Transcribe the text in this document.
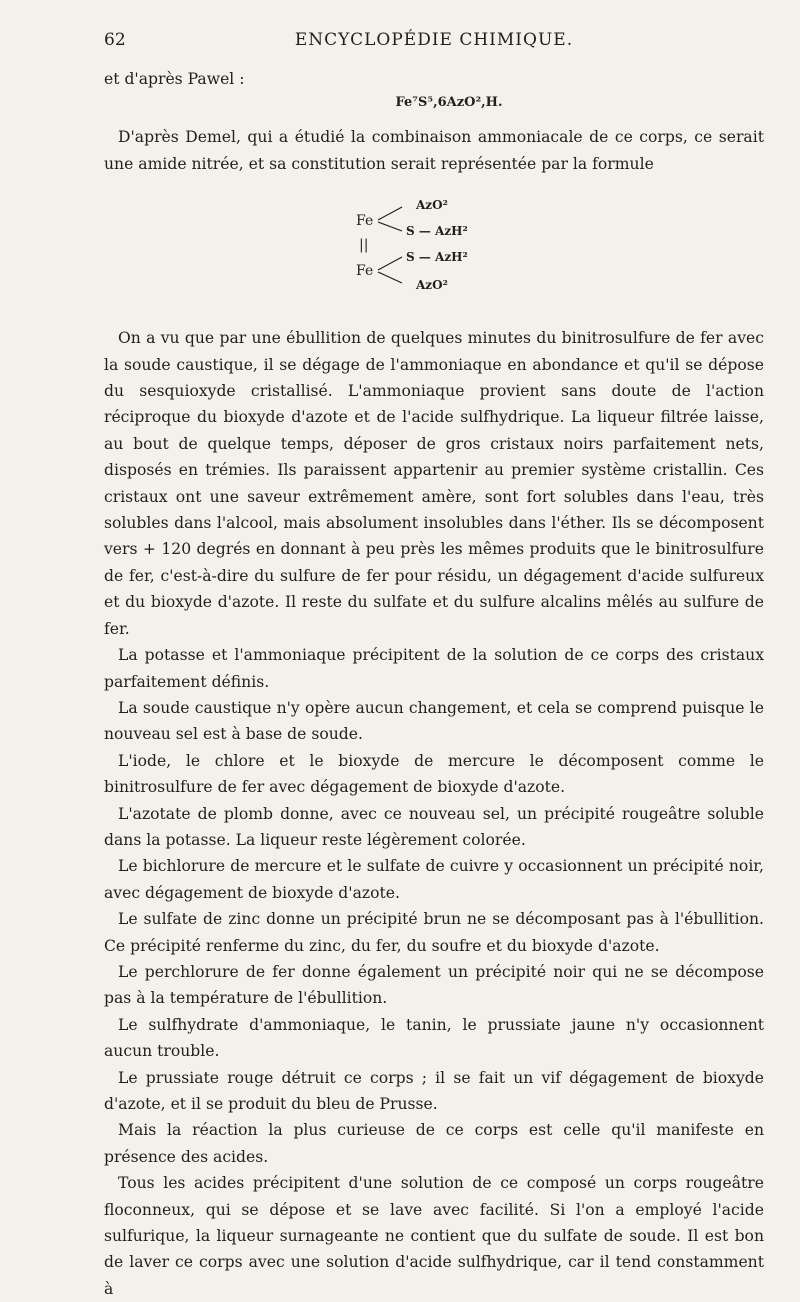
62	ENCYCLOPÉDIE CHIMIQUE.

et d'après Pawel :

Fe⁷S⁵,6AzO²,H.

D'après Demel, qui a étudié la combinaison ammoniacale de ce corps, ce serait une amide nitrée, et sa constitution serait représentée par la formule

AzO²
Fe
S — AzH²
||
S — AzH²
Fe
AzO²

On a vu que par une ébullition de quelques minutes du binitrosulfure de fer avec la soude caustique, il se dégage de l'ammoniaque en abondance et qu'il se dépose du sesquioxyde cristallisé. L'ammoniaque provient sans doute de l'action réciproque du bioxyde d'azote et de l'acide sulfhydrique. La liqueur filtrée laisse, au bout de quelque temps, déposer de gros cristaux noirs parfaitement nets, disposés en trémies. Ils paraissent appartenir au premier système cristallin. Ces cristaux ont une saveur extrêmement amère, sont fort solubles dans l'eau, très solubles dans l'alcool, mais absolument insolubles dans l'éther. Ils se décomposent vers + 120 degrés en donnant à peu près les mêmes produits que le binitrosulfure de fer, c'est-à-dire du sulfure de fer pour résidu, un dégagement d'acide sulfureux et du bioxyde d'azote. Il reste du sulfate et du sulfure alcalins mêlés au sulfure de fer.

La potasse et l'ammoniaque précipitent de la solution de ce corps des cristaux parfaitement définis.

La soude caustique n'y opère aucun changement, et cela se comprend puisque le nouveau sel est à base de soude.

L'iode, le chlore et le bioxyde de mercure le décomposent comme le binitrosulfure de fer avec dégagement de bioxyde d'azote.

L'azotate de plomb donne, avec ce nouveau sel, un précipité rougeâtre soluble dans la potasse. La liqueur reste légèrement colorée.

Le bichlorure de mercure et le sulfate de cuivre y occasionnent un précipité noir, avec dégagement de bioxyde d'azote.

Le sulfate de zinc donne un précipité brun ne se décomposant pas à l'ébullition. Ce précipité renferme du zinc, du fer, du soufre et du bioxyde d'azote.

Le perchlorure de fer donne également un précipité noir qui ne se décompose pas à la température de l'ébullition.

Le sulfhydrate d'ammoniaque, le tanin, le prussiate jaune n'y occasionnent aucun trouble.

Le prussiate rouge détruit ce corps ; il se fait un vif dégagement de bioxyde d'azote, et il se produit du bleu de Prusse.

Mais la réaction la plus curieuse de ce corps est celle qu'il manifeste en présence des acides.

Tous les acides précipitent d'une solution de ce composé un corps rougeâtre floconneux, qui se dépose et se lave avec facilité. Si l'on a employé l'acide sulfurique, la liqueur surnageante ne contient que du sulfate de soude. Il est bon de laver ce corps avec une solution d'acide sulfhydrique, car il tend constamment à
